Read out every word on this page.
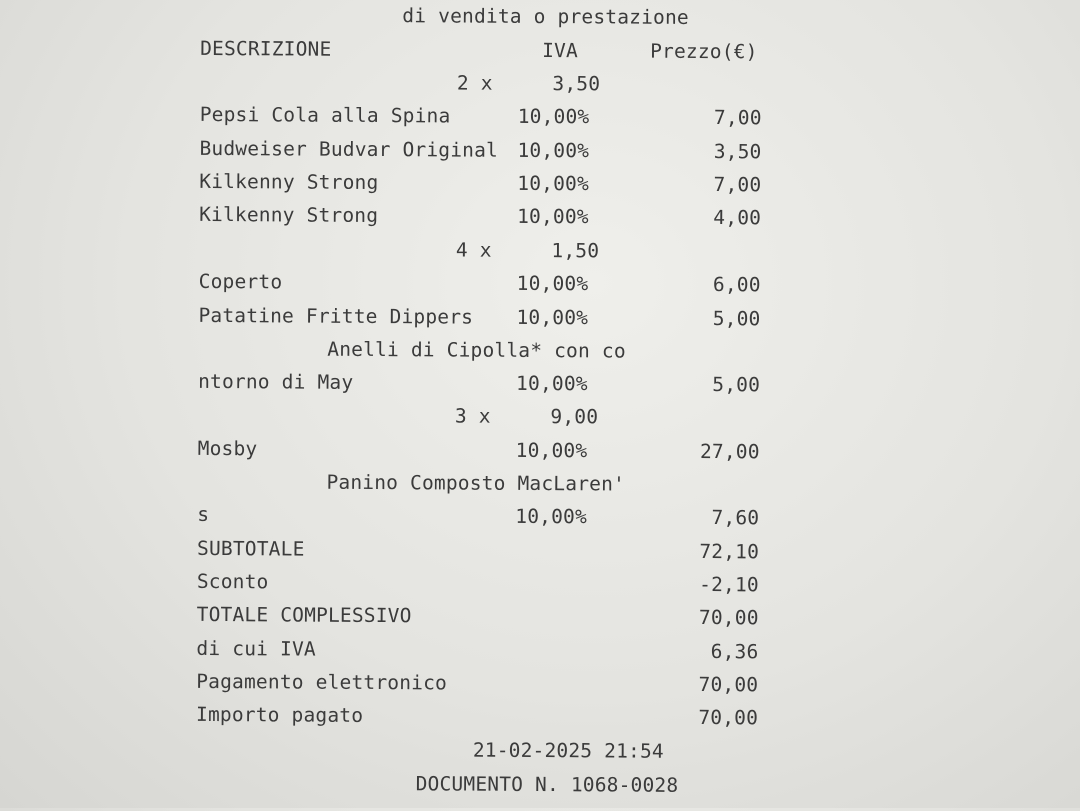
di vendita o prestazione
DESCRIZIONE	IVA	Prezzo(€)
2 x     3,50
Pepsi Cola alla Spina	10,00%	7,00
Budweiser Budvar Original 10,00%	3,50
Kilkenny Strong	10,00%	7,00
Kilkenny Strong	10,00%	4,00
4 x     1,50
Coperto	10,00%	6,00
Patatine Fritte Dippers 10,00%	5,00
Anelli di Cipolla* con co
ntorno di May	10,00%	5,00
3 x     9,00
Mosby	10,00%	27,00
Panino Composto MacLaren'
s	10,00%	7,60
SUBTOTALE	72,10
Sconto	-2,10
TOTALE COMPLESSIVO	70,00
di cui IVA	6,36
Pagamento elettronico	70,00
Importo pagato	70,00
21-02-2025 21:54
DOCUMENTO N. 1068-0028
